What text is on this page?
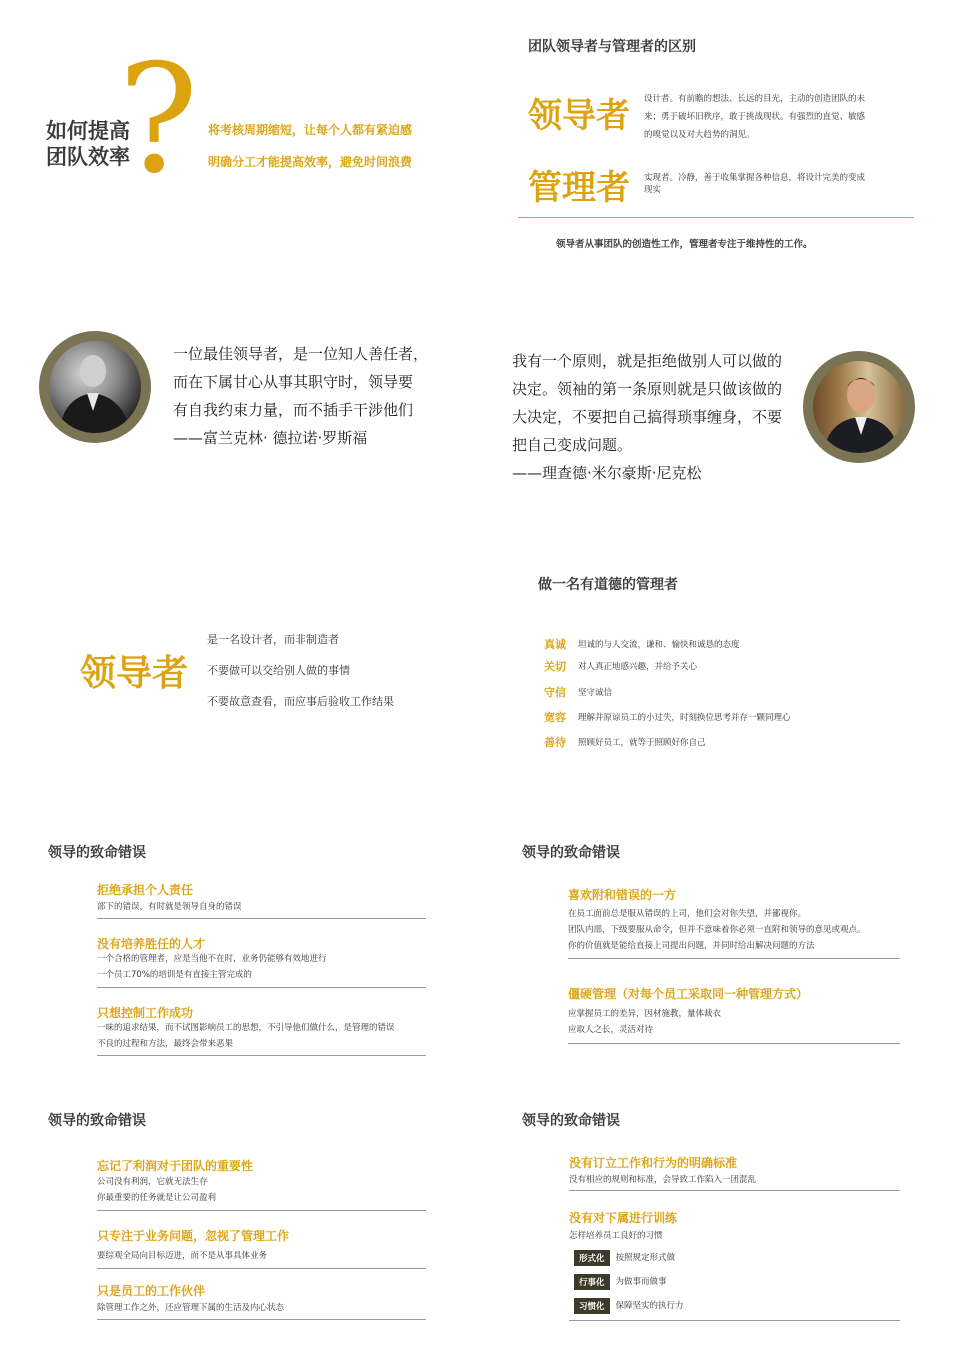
如何提高
团队效率
? 将考核周期缩短，让每个人都有紧迫感
明确分工才能提高效率，避免时间浪费
团队领导者与管理者的区别
领导者 设计者。有前瞻的想法、长远的目光，主动的创造团队的未
来；勇于破坏旧秩序，敢于挑战现状。有强烈的直觉、敏感
的嗅觉以及对大趋势的洞见。
管理者 实现者。冷静，善于收集掌握各种信息，将设计完美的变成
现实
领导者从事团队的创造性工作，管理者专注于维持性的工作。
一位最佳领导者，是一位知人善任者，
而在下属甘心从事其职守时，领导要
有自我约束力量，而不插手干涉他们
——富兰克林· 德拉诺·罗斯福
我有一个原则，就是拒绝做别人可以做的
决定。领袖的第一条原则就是只做该做的
大决定，不要把自己搞得琐事缠身，不要
把自己变成问题。
——理查德·米尔豪斯·尼克松
领导者
是一名设计者，而非制造者
不要做可以交给别人做的事情
不要故意查看，而应事后验收工作结果
做一名有道德的管理者
真诚	坦诚的与人交流，谦和、愉快和诚恳的态度
关切	对人真正地感兴趣，并给予关心
守信	坚守诚信
宽容	理解并原谅员工的小过失，时刻换位思考并存一颗同理心
善待	照顾好员工，就等于照顾好你自己
领导的致命错误
拒绝承担个人责任
部下的错误，有时就是领导自身的错误
没有培养胜任的人才
一个合格的管理者，应是当他不在时，业务仍能够有效地进行
一个员工70%的培训是有直接主管完成的
只想控制工作成功
一味的追求结果，而不试图影响员工的思想，不引导他们做什么，是管理的错误
不良的过程和方法，最终会带来恶果
领导的致命错误
喜欢附和错误的一方
在员工面前总是服从错误的上司，他们会对你失望，并鄙视你。
团队内部，下级要服从命令，但并不意味着你必须一直附和领导的意见或观点。
你的价值就是能给直接上司提出问题，并同时给出解决问题的方法
僵硬管理（对每个员工采取同一种管理方式）
应掌握员工的差异，因材施教，量体裁衣
应取人之长，灵活对待
领导的致命错误
忘记了利润对于团队的重要性
公司没有利润，它就无法生存
你最重要的任务就是让公司盈利
只专注于业务问题，忽视了管理工作
要综观全局向目标迈进，而不是从事具体业务
只是员工的工作伙伴
除管理工作之外，还应管理下属的生活及内心状态
领导的致命错误
没有订立工作和行为的明确标准
没有相应的规则和标准，会导致工作陷入一团混乱
没有对下属进行训练
怎样培养员工良好的习惯
形式化	按照规定形式做
行事化	为做事而做事
习惯化	保障坚实的执行力
